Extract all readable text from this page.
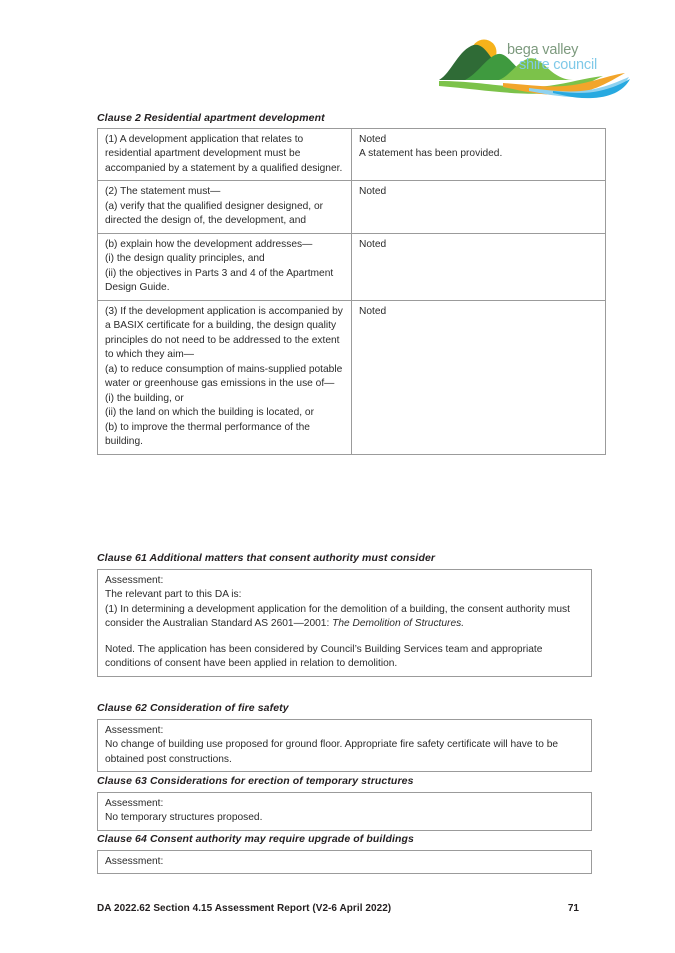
bega valley
shire council
Clause 2 Residential apartment development

(1) A development application that relates to residential apartment development must be accompanied by a statement by a qualified designer.	Noted

A statement has been provided.

(2) The statement must—

(a) verify that the qualified designer designed, or directed the design of, the development, and	Noted

(b) explain how the development addresses—

(i) the design quality principles, and

(ii) the objectives in Parts 3 and 4 of the Apartment Design Guide.	Noted

(3) If the development application is accompanied by a BASIX certificate for a building, the design quality principles do not need to be addressed to the extent to which they aim—

(a) to reduce consumption of mains-supplied potable water or greenhouse gas emissions in the use of—

(i) the building, or

(ii) the land on which the building is located, or

(b) to improve the thermal performance of the building.	Noted

Clause 61 Additional matters that consent authority must consider

Assessment:

The relevant part to this DA is:

(1) In determining a development application for the demolition of a building, the consent authority must consider the Australian Standard AS 2601—2001: The Demolition of Structures.

Noted. The application has been considered by Council’s Building Services team and appropriate conditions of consent have been applied in relation to demolition.

Clause 62 Consideration of fire safety

Assessment:

No change of building use proposed for ground floor. Appropriate fire safety certificate will have to be obtained post constructions.

Clause 63 Considerations for erection of temporary structures

Assessment:

No temporary structures proposed.

Clause 64 Consent authority may require upgrade of buildings

Assessment:

DA 2022.62 Section 4.15 Assessment Report (V2-6 April 2022)	71
